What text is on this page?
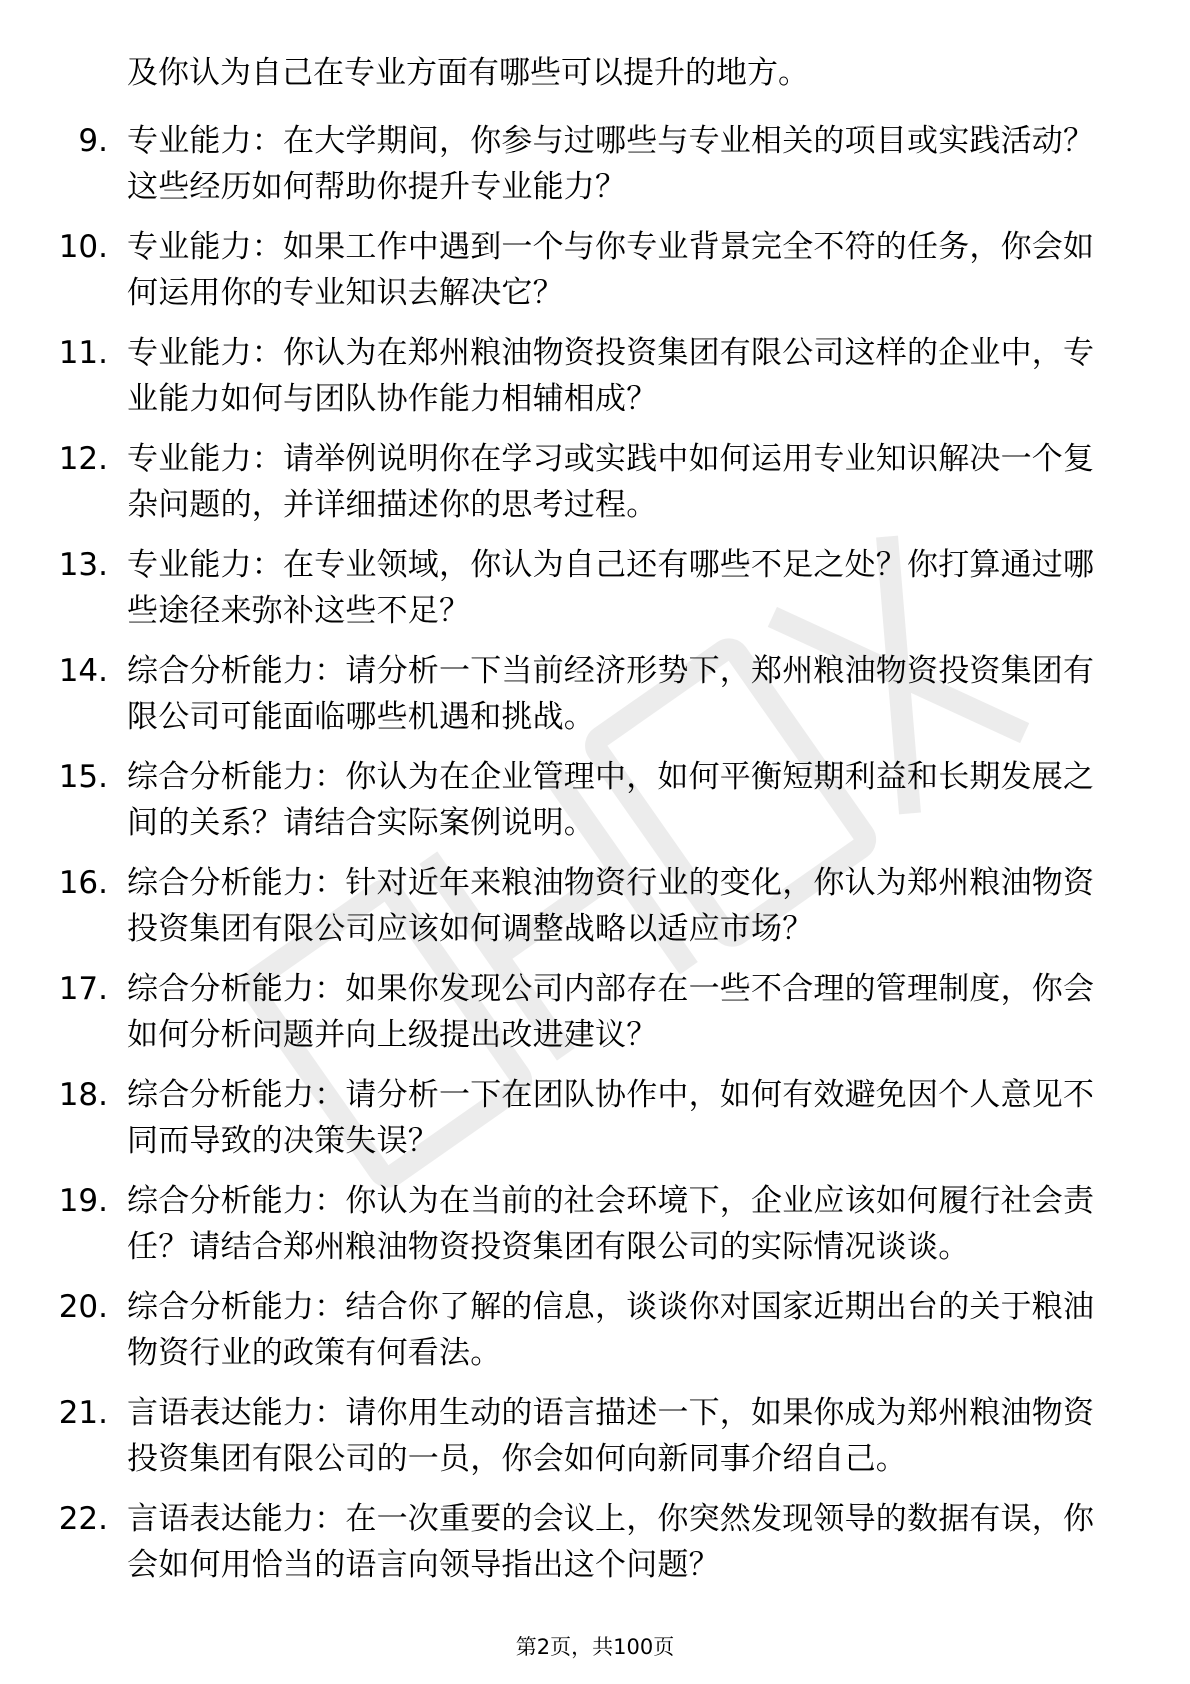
及你认为自己在专业方面有哪些可以提升的地方。
9. 专业能力：在大学期间，你参与过哪些与专业相关的项目或实践活动？这些经历如何帮助你提升专业能力？
10. 专业能力：如果工作中遇到一个与你专业背景完全不符的任务，你会如何运用你的专业知识去解决它？
11. 专业能力：你认为在郑州粮油物资投资集团有限公司这样的企业中，专业能力如何与团队协作能力相辅相成？
12. 专业能力：请举例说明你在学习或实践中如何运用专业知识解决一个复杂问题的，并详细描述你的思考过程。
13. 专业能力：在专业领域，你认为自己还有哪些不足之处？你打算通过哪些途径来弥补这些不足？
14. 综合分析能力：请分析一下当前经济形势下，郑州粮油物资投资集团有限公司可能面临哪些机遇和挑战。
15. 综合分析能力：你认为在企业管理中，如何平衡短期利益和长期发展之间的关系？请结合实际案例说明。
16. 综合分析能力：针对近年来粮油物资行业的变化，你认为郑州粮油物资投资集团有限公司应该如何调整战略以适应市场？
17. 综合分析能力：如果你发现公司内部存在一些不合理的管理制度，你会如何分析问题并向上级提出改进建议？
18. 综合分析能力：请分析一下在团队协作中，如何有效避免因个人意见不同而导致的决策失误？
19. 综合分析能力：你认为在当前的社会环境下，企业应该如何履行社会责任？请结合郑州粮油物资投资集团有限公司的实际情况谈谈。
20. 综合分析能力：结合你了解的信息，谈谈你对国家近期出台的关于粮油物资行业的政策有何看法。
21. 言语表达能力：请你用生动的语言描述一下，如果你成为郑州粮油物资投资集团有限公司的一员，你会如何向新同事介绍自己。
22. 言语表达能力：在一次重要的会议上，你突然发现领导的数据有误，你会如何用恰当的语言向领导指出这个问题？
第2页，共100页
